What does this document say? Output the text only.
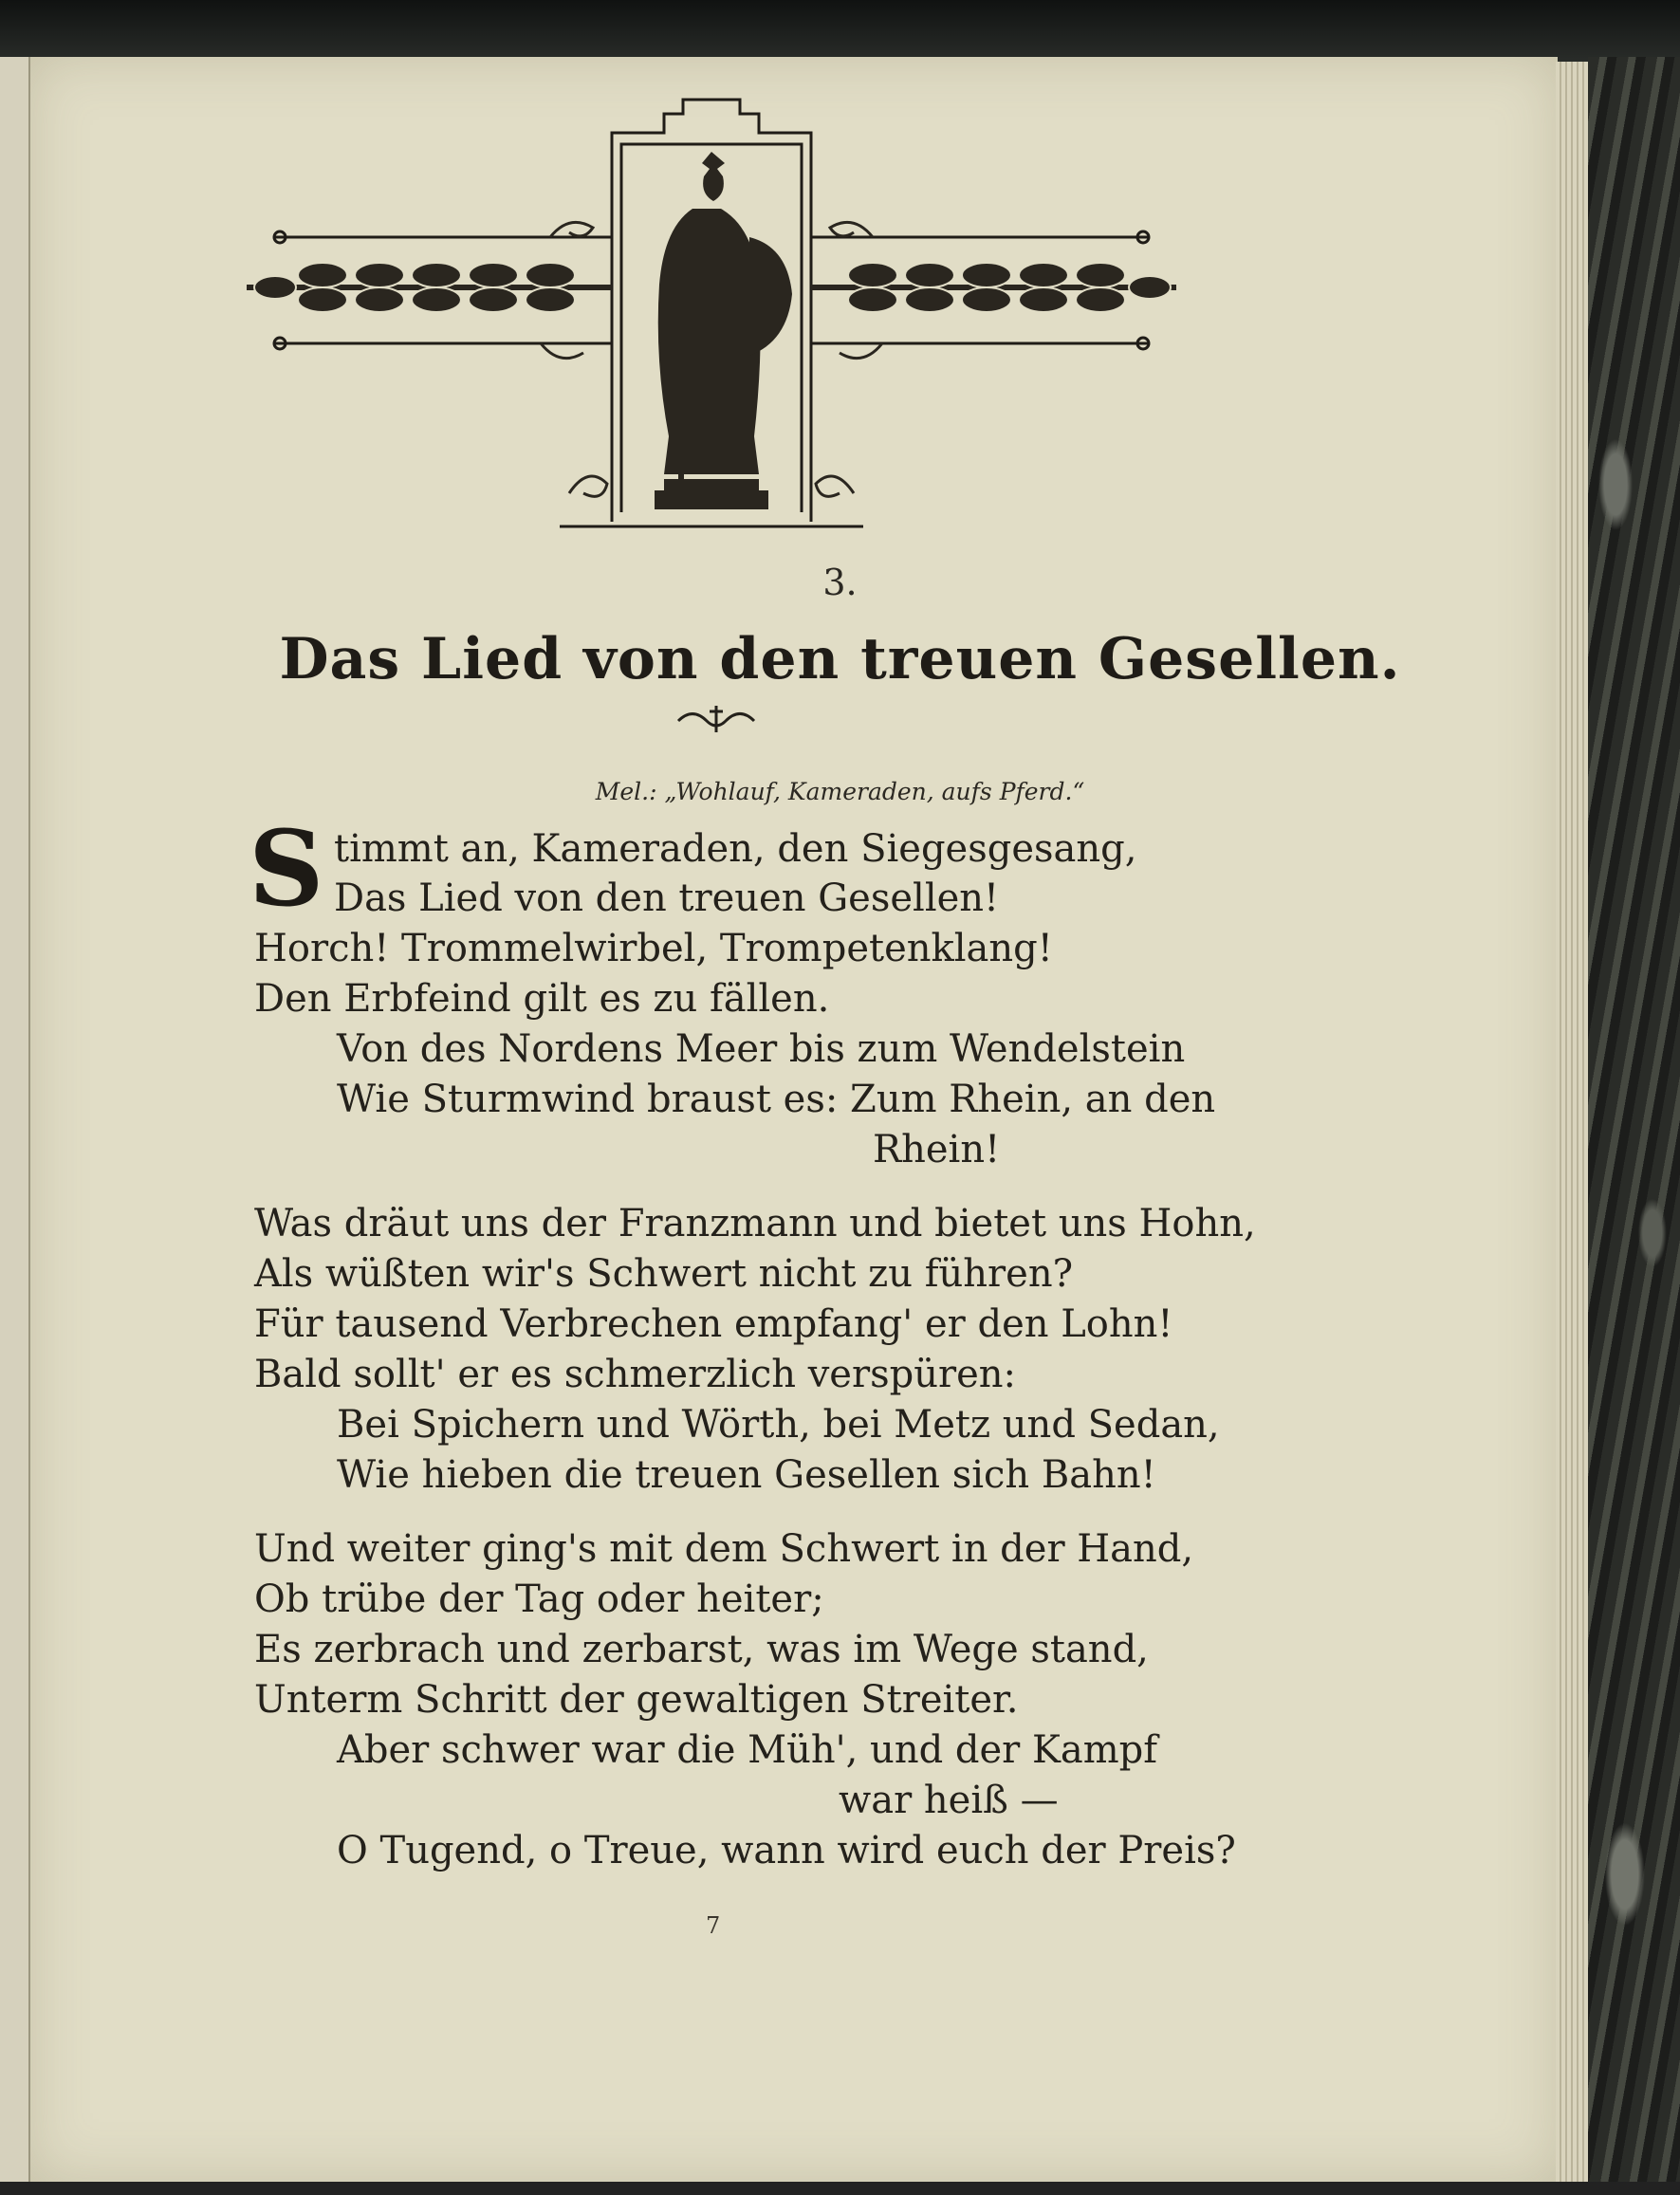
3.
Das Lied von den treuen Gesellen.
Mel.: „Wohlauf, Kameraden, aufs Pferd.“
S timmt an, Kameraden, den Siegesgesang,
Das Lied von den treuen Gesellen!
Horch! Trommelwirbel, Trompetenklang!
Den Erbfeind gilt es zu fällen.
Von des Nordens Meer bis zum Wendelstein
Wie Sturmwind braust es: Zum Rhein, an den
Rhein!
Was dräut uns der Franzmann und bietet uns Hohn,
Als wüßten wir's Schwert nicht zu führen?
Für tausend Verbrechen empfang' er den Lohn!
Bald sollt' er es schmerzlich verspüren:
Bei Spichern und Wörth, bei Metz und Sedan,
Wie hieben die treuen Gesellen sich Bahn!
Und weiter ging's mit dem Schwert in der Hand,
Ob trübe der Tag oder heiter;
Es zerbrach und zerbarst, was im Wege stand,
Unterm Schritt der gewaltigen Streiter.
Aber schwer war die Müh', und der Kampf
war heiß —
O Tugend, o Treue, wann wird euch der Preis?
7
